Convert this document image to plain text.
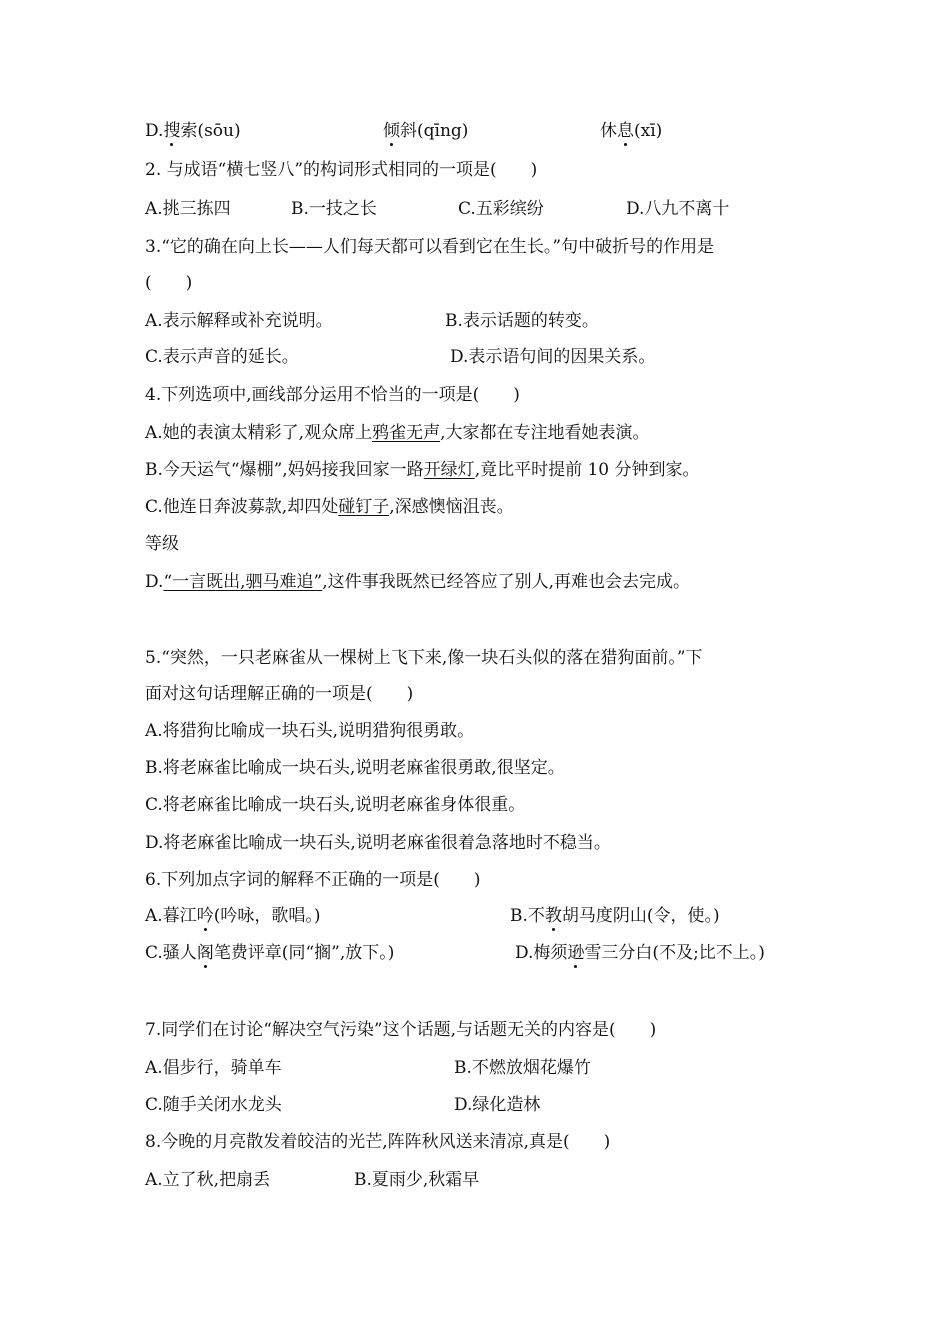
D.搜索(sōu)	倾斜(qīng)	休息(xī)
2. 与成语“横七竖八”的构词形式相同的一项是(　　)
A.挑三拣四	B.一技之长	C.五彩缤纷	D.八九不离十
3.“它的确在向上长——人们每天都可以看到它在生长。”句中破折号的作用是
(　　)
A.表示解释或补充说明。	B.表示话题的转变。
C.表示声音的延长。	D.表示语句间的因果关系。
4.下列选项中,画线部分运用不恰当的一项是(　　)
A.她的表演太精彩了,观众席上鸦雀无声,大家都在专注地看她表演。
B.今天运气“爆棚”,妈妈接我回家一路开绿灯,竟比平时提前 10 分钟到家。
C.他连日奔波募款,却四处碰钉子,深感懊恼沮丧。
等级
D.“一言既出,驷马难追”,这件事我既然已经答应了别人,再难也会去完成。
5.“突然，一只老麻雀从一棵树上飞下来,像一块石头似的落在猎狗面前。”下
面对这句话理解正确的一项是(　　)
A.将猎狗比喻成一块石头,说明猎狗很勇敢。
B.将老麻雀比喻成一块石头,说明老麻雀很勇敢,很坚定。
C.将老麻雀比喻成一块石头,说明老麻雀身体很重。
D.将老麻雀比喻成一块石头,说明老麻雀很着急落地时不稳当。
6.下列加点字词的解释不正确的一项是(　　)
A.暮江吟(吟咏，歌唱。)	B.不教胡马度阴山(令，使。)
C.骚人阁笔费评章(同“搁”,放下。)	D.梅须逊雪三分白(不及;比不上。)
7.同学们在讨论“解决空气污染”这个话题,与话题无关的内容是(　　)
A.倡步行，骑单车	B.不燃放烟花爆竹
C.随手关闭水龙头	D.绿化造林
8.今晚的月亮散发着皎洁的光芒,阵阵秋风送来清凉,真是(　　)
A.立了秋,把扇丢	B.夏雨少,秋霜早
